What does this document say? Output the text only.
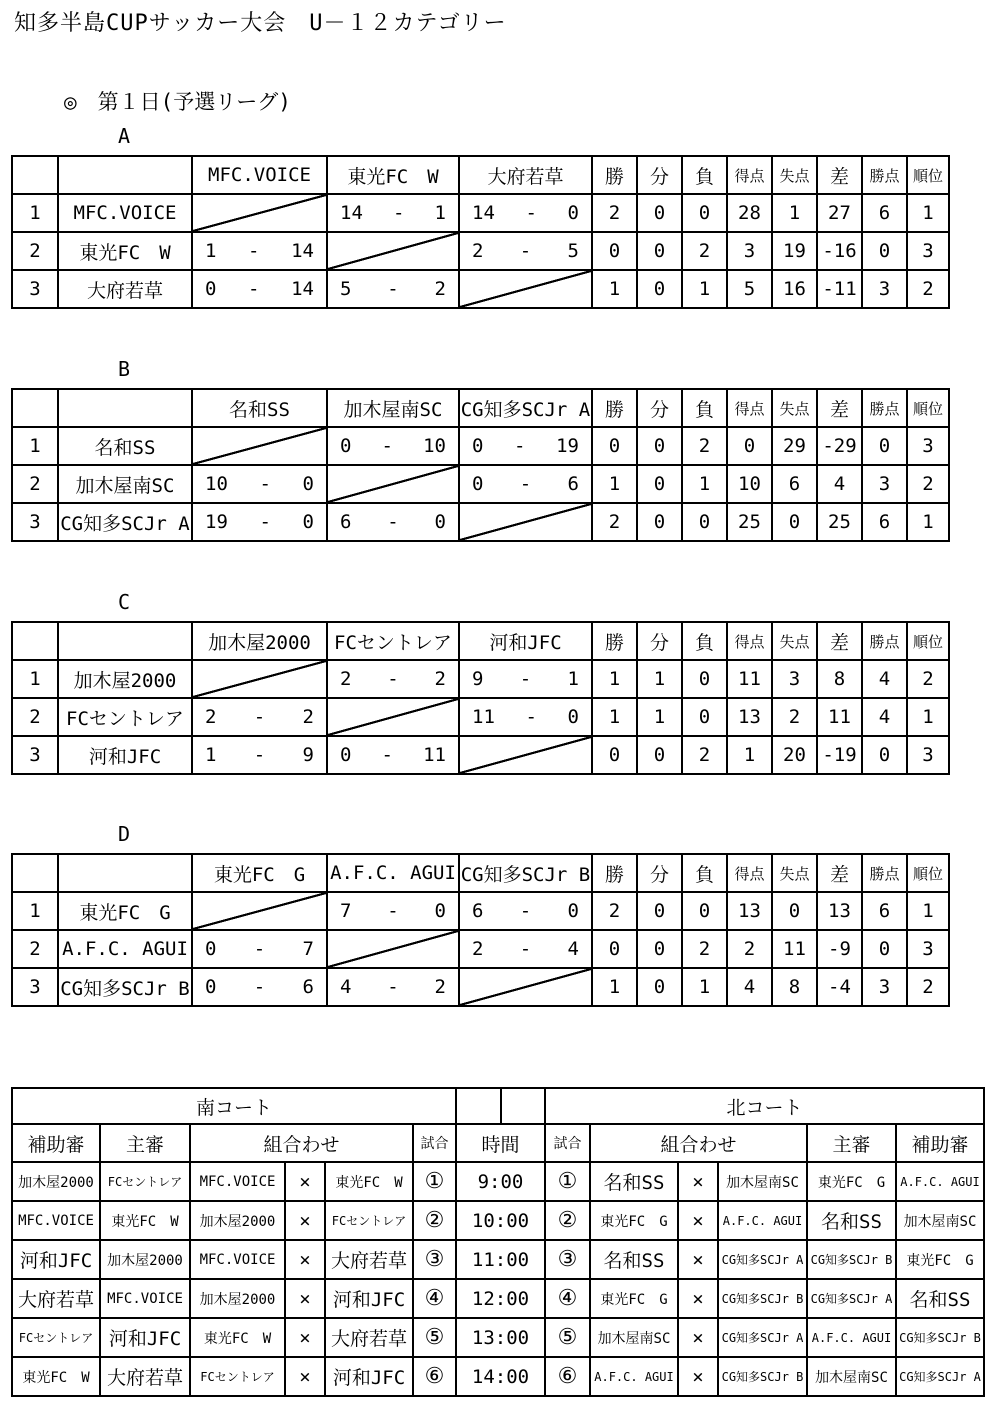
知多半島CUPサッカー大会　U－１２カテゴリー
◎　第１日(予選リーグ)
A
		MFC.VOICE	東光FC　W	大府若草	勝	分	負	得点	失点	差	勝点	順位
1	MFC.VOICE		14 - 1	14 - 0	2	0	0	28	1	27	6	1
2	東光FC　W	1 - 14		2 - 5	0	0	2	3	19	-16	0	3
3	大府若草	0 - 14	5 - 2		1	0	1	5	16	-11	3	2
B
		名和SS	加木屋南SC	CG知多SCJr A	勝	分	負	得点	失点	差	勝点	順位
1	名和SS		0 - 10	0 - 19	0	0	2	0	29	-29	0	3
2	加木屋南SC	10 - 0		0 - 6	1	0	1	10	6	4	3	2
3	CG知多SCJr A	19 - 0	6 - 0		2	0	0	25	0	25	6	1
C
		加木屋2000	FCセントレア	河和JFC	勝	分	負	得点	失点	差	勝点	順位
1	加木屋2000		2 - 2	9 - 1	1	1	0	11	3	8	4	2
2	FCセントレア	2 - 2		11 - 0	1	1	0	13	2	11	4	1
3	河和JFC	1 - 9	0 - 11		0	0	2	1	20	-19	0	3
D
		東光FC　G	A.F.C. AGUI	CG知多SCJr B	勝	分	負	得点	失点	差	勝点	順位
1	東光FC　G		7 - 0	6 - 0	2	0	0	13	0	13	6	1
2	A.F.C. AGUI	0 - 7		2 - 4	0	0	2	2	11	-9	0	3
3	CG知多SCJr B	0 - 6	4 - 2		1	0	1	4	8	-4	3	2
南コート								北コート					
補助審	主審	組合わせ			試合	時間		試合	組合わせ			主審	補助審
加木屋2000	FCセントレア	MFC.VOICE	×	東光FC　W	①	9:00		①	名和SS	×	加木屋南SC	東光FC　G	A.F.C. AGUI
MFC.VOICE	東光FC　W	加木屋2000	×	FCセントレア	②	10:00		②	東光FC　G	×	A.F.C. AGUI	名和SS	加木屋南SC
河和JFC	加木屋2000	MFC.VOICE	×	大府若草	③	11:00		③	名和SS	×	CG知多SCJr A	CG知多SCJr B	東光FC　G
大府若草	MFC.VOICE	加木屋2000	×	河和JFC	④	12:00		④	東光FC　G	×	CG知多SCJr B	CG知多SCJr A	名和SS
FCセントレア	河和JFC	東光FC　W	×	大府若草	⑤	13:00		⑤	加木屋南SC	×	CG知多SCJr A	A.F.C. AGUI	CG知多SCJr B
東光FC　W	大府若草	FCセントレア	×	河和JFC	⑥	14:00		⑥	A.F.C. AGUI	×	CG知多SCJr B	加木屋南SC	CG知多SCJr A
